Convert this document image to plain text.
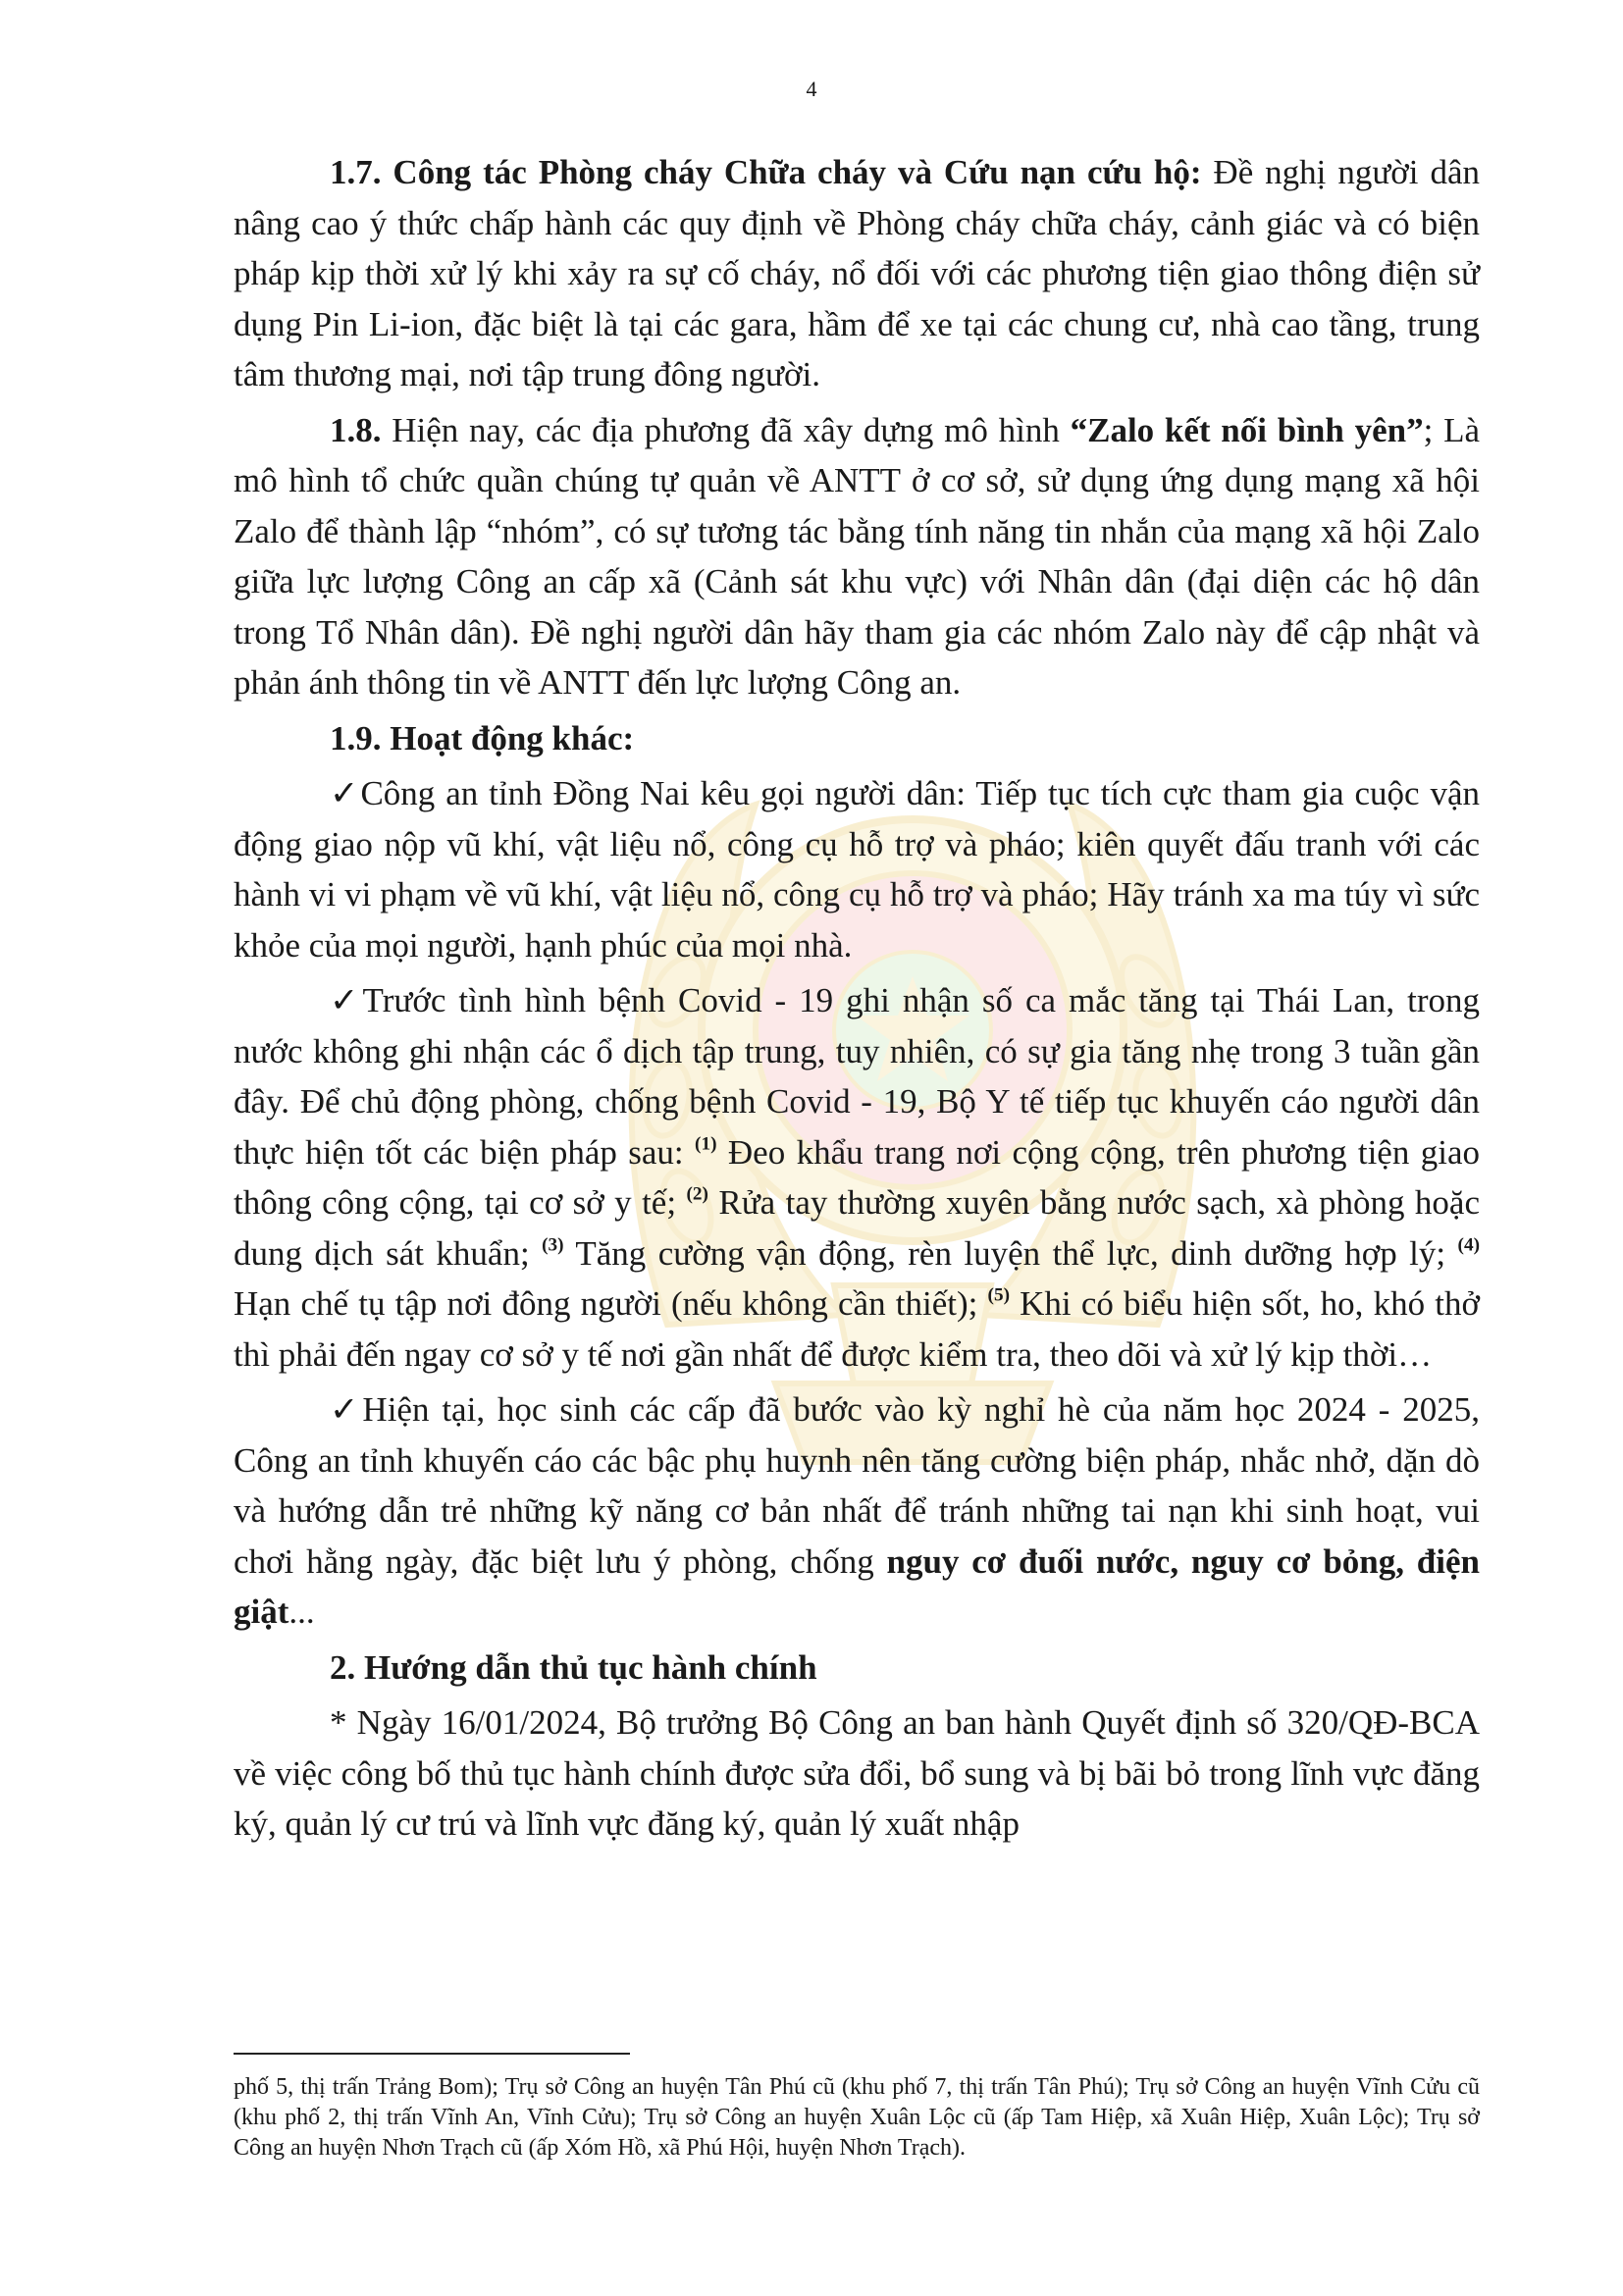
4

1.7. Công tác Phòng cháy Chữa cháy và Cứu nạn cứu hộ: Đề nghị người dân nâng cao ý thức chấp hành các quy định về Phòng cháy chữa cháy, cảnh giác và có biện pháp kịp thời xử lý khi xảy ra sự cố cháy, nổ đối với các phương tiện giao thông điện sử dụng Pin Li-ion, đặc biệt là tại các gara, hầm để xe tại các chung cư, nhà cao tầng, trung tâm thương mại, nơi tập trung đông người.

1.8. Hiện nay, các địa phương đã xây dựng mô hình “Zalo kết nối bình yên”; Là mô hình tổ chức quần chúng tự quản về ANTT ở cơ sở, sử dụng ứng dụng mạng xã hội Zalo để thành lập “nhóm”, có sự tương tác bằng tính năng tin nhắn của mạng xã hội Zalo giữa lực lượng Công an cấp xã (Cảnh sát khu vực) với Nhân dân (đại diện các hộ dân trong Tổ Nhân dân). Đề nghị người dân hãy tham gia các nhóm Zalo này để cập nhật và phản ánh thông tin về ANTT đến lực lượng Công an.

1.9. Hoạt động khác:

✓Công an tỉnh Đồng Nai kêu gọi người dân: Tiếp tục tích cực tham gia cuộc vận động giao nộp vũ khí, vật liệu nổ, công cụ hỗ trợ và pháo; kiên quyết đấu tranh với các hành vi vi phạm về vũ khí, vật liệu nổ, công cụ hỗ trợ và pháo; Hãy tránh xa ma túy vì sức khỏe của mọi người, hạnh phúc của mọi nhà.

✓Trước tình hình bệnh Covid - 19 ghi nhận số ca mắc tăng tại Thái Lan, trong nước không ghi nhận các ổ dịch tập trung, tuy nhiên, có sự gia tăng nhẹ trong 3 tuần gần đây. Để chủ động phòng, chống bệnh Covid - 19, Bộ Y tế tiếp tục khuyến cáo người dân thực hiện tốt các biện pháp sau: $^{(1)}$ Đeo khẩu trang nơi cộng cộng, trên phương tiện giao thông công cộng, tại cơ sở y tế; $^{(2)}$ Rửa tay thường xuyên bằng nước sạch, xà phòng hoặc dung dịch sát khuẩn; $^{(3)}$ Tăng cường vận động, rèn luyện thể lực, dinh dưỡng hợp lý; $^{(4)}$ Hạn chế tụ tập nơi đông người (nếu không cần thiết); $^{(5)}$ Khi có biểu hiện sốt, ho, khó thở thì phải đến ngay cơ sở y tế nơi gần nhất để được kiểm tra, theo dõi và xử lý kịp thời…

✓Hiện tại, học sinh các cấp đã bước vào kỳ nghỉ hè của năm học 2024 - 2025, Công an tỉnh khuyến cáo các bậc phụ huynh nên tăng cường biện pháp, nhắc nhở, dặn dò và hướng dẫn trẻ những kỹ năng cơ bản nhất để tránh những tai nạn khi sinh hoạt, vui chơi hằng ngày, đặc biệt lưu ý phòng, chống nguy cơ đuối nước, nguy cơ bỏng, điện giật...

2. Hướng dẫn thủ tục hành chính

* Ngày 16/01/2024, Bộ trưởng Bộ Công an ban hành Quyết định số 320/QĐ-BCA về việc công bố thủ tục hành chính được sửa đổi, bổ sung và bị bãi bỏ trong lĩnh vực đăng ký, quản lý cư trú và lĩnh vực đăng ký, quản lý xuất nhập

phố 5, thị trấn Trảng Bom); Trụ sở Công an huyện Tân Phú cũ (khu phố 7, thị trấn Tân Phú); Trụ sở Công an huyện Vĩnh Cửu cũ (khu phố 2, thị trấn Vĩnh An, Vĩnh Cửu); Trụ sở Công an huyện Xuân Lộc cũ (ấp Tam Hiệp, xã Xuân Hiệp, Xuân Lộc); Trụ sở Công an huyện Nhơn Trạch cũ (ấp Xóm Hồ, xã Phú Hội, huyện Nhơn Trạch).
